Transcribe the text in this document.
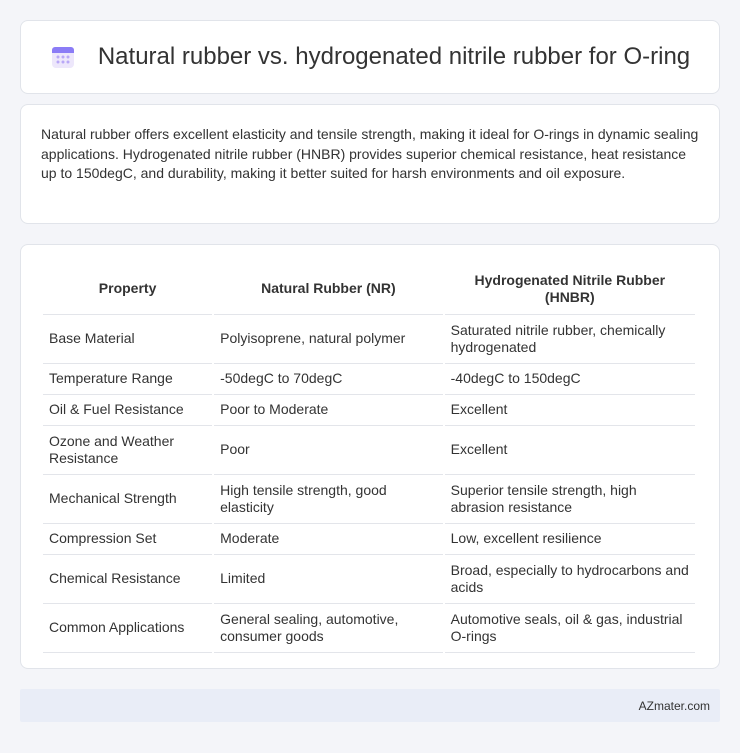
Natural rubber vs. hydrogenated nitrile rubber for O-ring

Natural rubber offers excellent elasticity and tensile strength, making it ideal for O-rings in dynamic sealing applications. Hydrogenated nitrile rubber (HNBR) provides superior chemical resistance, heat resistance up to 150degC, and durability, making it better suited for harsh environments and oil exposure.

Property	Natural Rubber (NR)	Hydrogenated Nitrile Rubber (HNBR)
Base Material	Polyisoprene, natural polymer	Saturated nitrile rubber, chemically hydrogenated
Temperature Range	-50degC to 70degC	-40degC to 150degC
Oil & Fuel Resistance	Poor to Moderate	Excellent
Ozone and Weather Resistance	Poor	Excellent
Mechanical Strength	High tensile strength, good elasticity	Superior tensile strength, high abrasion resistance
Compression Set	Moderate	Low, excellent resilience
Chemical Resistance	Limited	Broad, especially to hydrocarbons and acids
Common Applications	General sealing, automotive, consumer goods	Automotive seals, oil & gas, industrial O-rings
AZmater.com
